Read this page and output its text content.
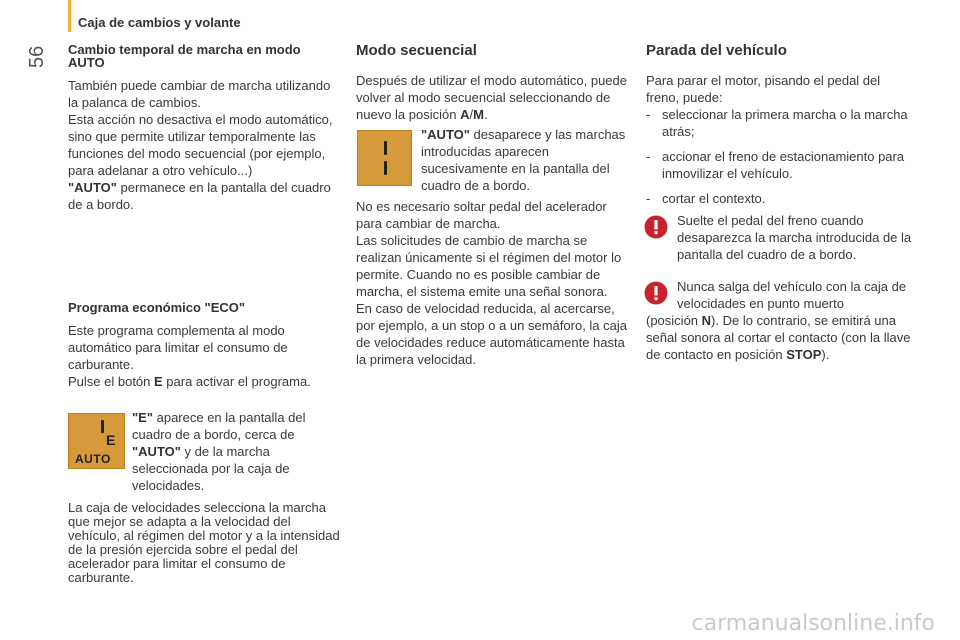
Caja de cambios y volante
56 Cambio temporal de marcha en modo AUTO

También puede cambiar de marcha utilizando la palanca de cambios.

Esta acción no desactiva el modo automático, sino que permite utilizar temporalmente las funciones del modo secuencial (por ejemplo, para adelanar a otro vehículo...)

"AUTO" permanece en la pantalla del cuadro de a bordo.

Programa económico "ECO"

Este programa complementa al modo automático para limitar el consumo de carburante.

Pulse el botón E para activar el programa.

E
AUTO
"E" aparece en la pantalla del cuadro de a bordo, cerca de "AUTO" y de la marcha seleccionada por la caja de velocidades.

La caja de velocidades selecciona la marcha que mejor se adapta a la velocidad del vehículo, al régimen del motor y a la intensidad de la presión ejercida sobre el pedal del acelerador para limitar el consumo de carburante.

Modo secuencial

Después de utilizar el modo automático, puede volver al modo secuencial seleccionando de nuevo la posición A/M.

"AUTO" desaparece y las marchas introducidas aparecen sucesivamente en la pantalla del cuadro de a bordo.

No es necesario soltar pedal del acelerador para cambiar de marcha.

Las solicitudes de cambio de marcha se realizan únicamente si el régimen del motor lo permite. Cuando no es posible cambiar de marcha, el sistema emite una señal sonora.

En caso de velocidad reducida, al acercarse, por ejemplo, a un stop o a un semáforo, la caja de velocidades reduce automáticamente hasta la primera velocidad.

Parada del vehículo

Para parar el motor, pisando el pedal del freno, puede:

- seleccionar la primera marcha o la marcha atrás;
- accionar el freno de estacionamiento para inmovilizar el vehículo.
- cortar el contexto.
Suelte el pedal del freno cuando desaparezca la marcha introducida de la pantalla del cuadro de a bordo.
Nunca salga del vehículo con la caja de velocidades en punto muerto
(posición N). De lo contrario, se emitirá una señal sonora al cortar el contacto (con la llave de contacto en posición STOP).
carmanualsonline.info
